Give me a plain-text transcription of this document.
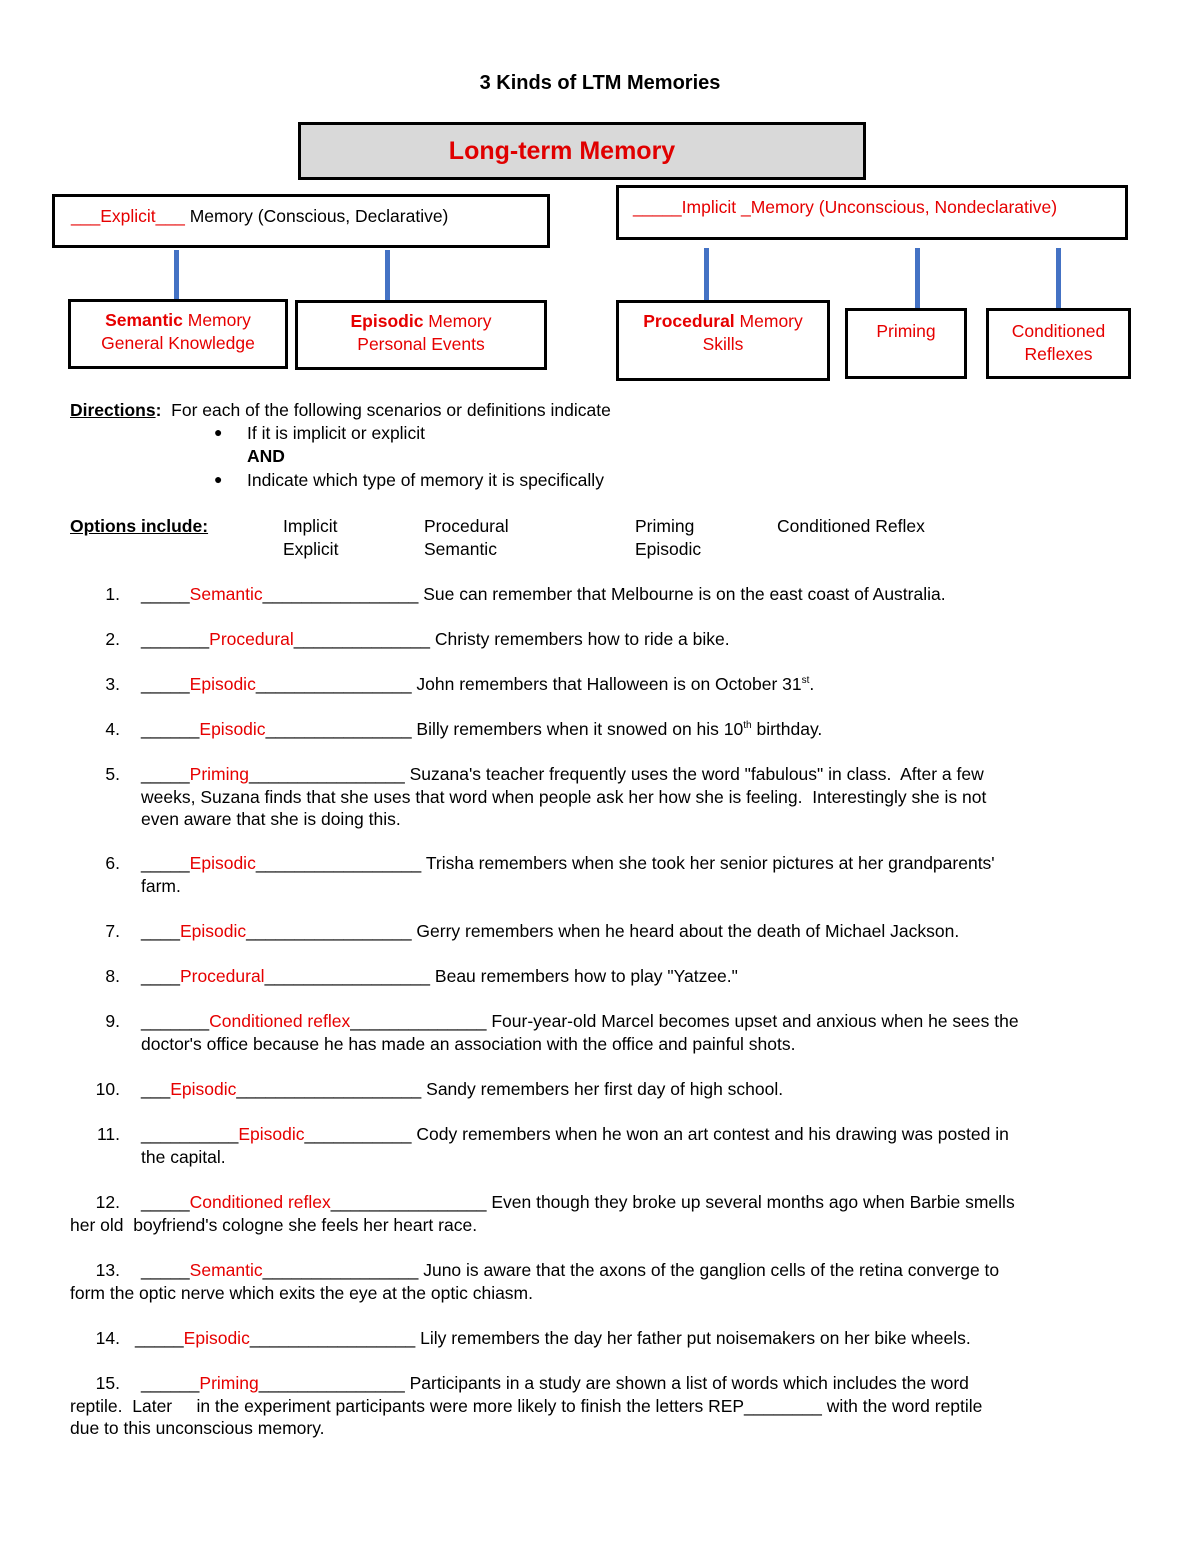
3 Kinds of LTM Memories
Long-term Memory
___Explicit___ Memory (Conscious, Declarative)	_____Implicit _Memory (Unconscious, Nondeclarative)
Semantic Memory
General Knowledge
Episodic Memory
Personal Events
Procedural Memory
Skills
Priming	Conditioned
Reflexes
Directions: For each of the following scenarios or definitions indicate
● If it is implicit or explicit
AND
● Indicate which type of memory it is specifically
Options include:	Implicit	Procedural	Priming	Conditioned Reflex
Explicit	Semantic	Episodic
1. _____Semantic________________ Sue can remember that Melbourne is on the east coast of Australia.
2. _______Procedural______________ Christy remembers how to ride a bike.
3. _____Episodic________________ John remembers that Halloween is on October 31st.
4. ______Episodic_______________ Billy remembers when it snowed on his 10th birthday.
5. _____Priming________________ Suzana's teacher frequently uses the word "fabulous" in class.  After a few
weeks, Suzana finds that she uses that word when people ask her how she is feeling.  Interestingly she is not
even aware that she is doing this.
6. _____Episodic_________________ Trisha remembers when she took her senior pictures at her grandparents'
farm.
7. ____Episodic_________________ Gerry remembers when he heard about the death of Michael Jackson.
8. ____Procedural_________________ Beau remembers how to play "Yatzee."
9. _______Conditioned reflex______________ Four-year-old Marcel becomes upset and anxious when he sees the
doctor's office because he has made an association with the office and painful shots.
10. ___Episodic___________________ Sandy remembers her first day of high school.
11. __________Episodic___________ Cody remembers when he won an art contest and his drawing was posted in
the capital.
12. _____Conditioned reflex________________ Even though they broke up several months ago when Barbie smells
her old  boyfriend's cologne she feels her heart race.
13. _____Semantic________________ Juno is aware that the axons of the ganglion cells of the retina converge to
form the optic nerve which exits the eye at the optic chiasm.
14. _____Episodic_________________ Lily remembers the day her father put noisemakers on her bike wheels.
15. ______Priming_______________ Participants in a study are shown a list of words which includes the word
reptile.  Later     in the experiment participants were more likely to finish the letters REP________ with the word reptile
due to this unconscious memory.
